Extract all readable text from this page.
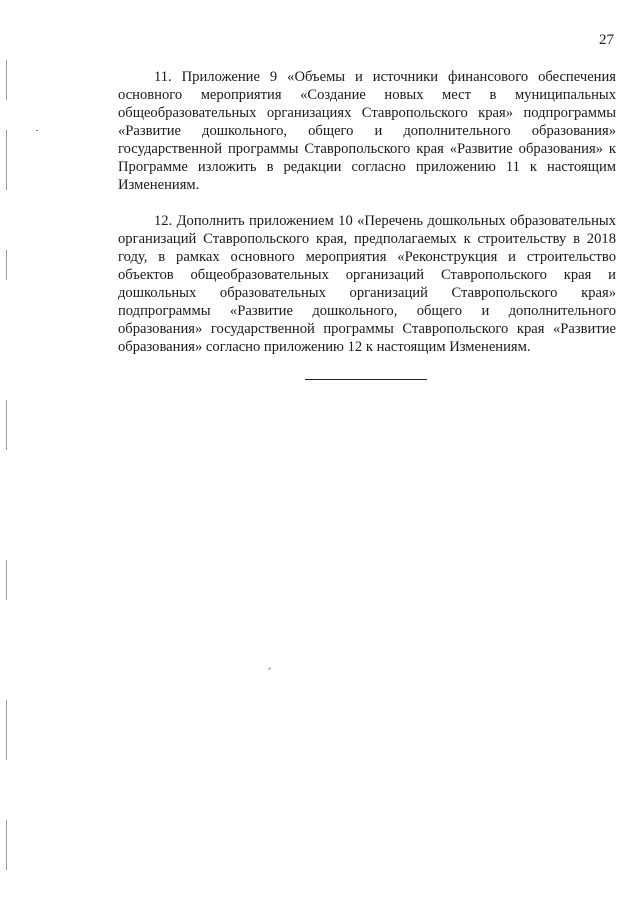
27

11. Приложение 9 «Объемы и источники финансового обеспечения основного мероприятия «Создание новых мест в муниципальных общеобразовательных организациях Ставропольского края» подпрограммы «Развитие дошкольного, общего и дополнительного образования» государственной программы Ставропольского края «Развитие образования» к Программе изложить в редакции согласно приложению 11 к настоящим Изменениям.

12. Дополнить приложением 10 «Перечень дошкольных образовательных организаций Ставропольского края, предполагаемых к строительству в 2018 году, в рамках основного мероприятия «Реконструкция и строительство объектов общеобразовательных организаций Ставропольского края и дошкольных образовательных организаций Ставропольского края» подпрограммы «Развитие дошкольного, общего и дополнительного образования» государственной программы Ставропольского края «Развитие образования» согласно приложению 12 к настоящим Изменениям.
